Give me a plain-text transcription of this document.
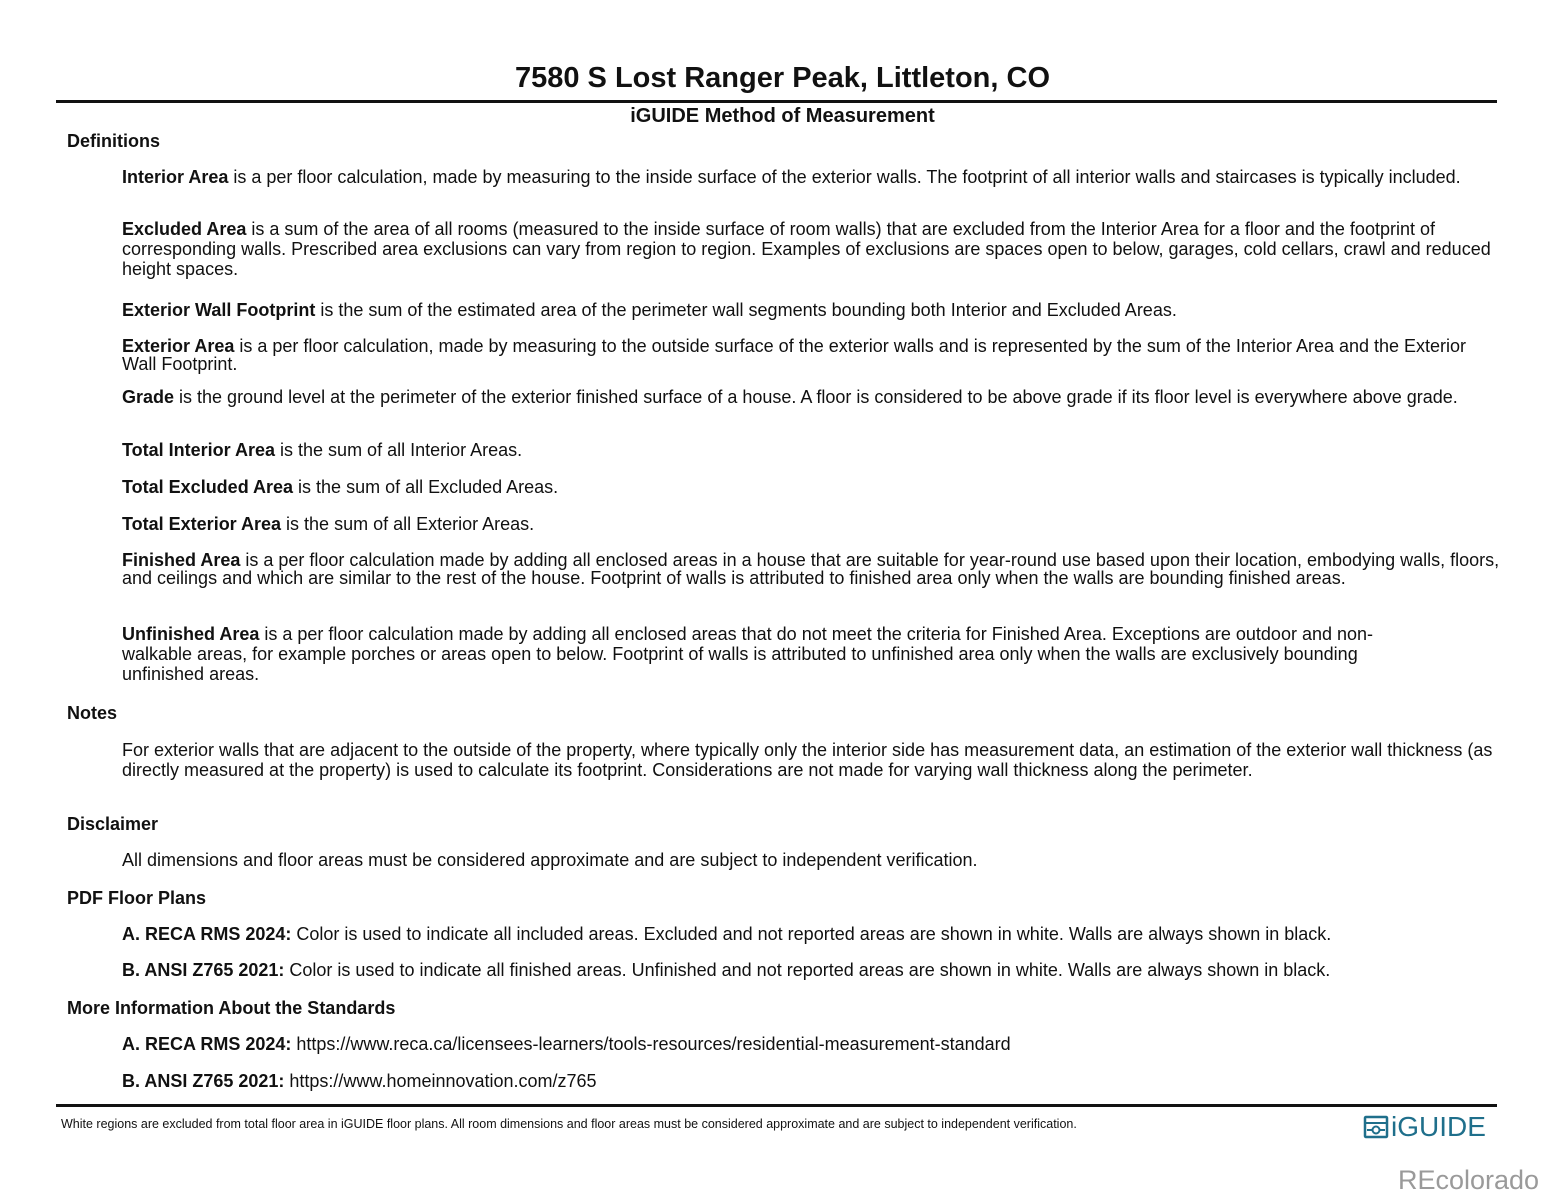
7580 S Lost Ranger Peak, Littleton, CO
iGUIDE Method of Measurement
Definitions
Interior Area is a per floor calculation, made by measuring to the inside surface of the exterior walls. The footprint of all interior walls and staircases is typically included.
Excluded Area is a sum of the area of all rooms (measured to the inside surface of room walls) that are excluded from the Interior Area for a floor and the footprint of corresponding walls. Prescribed area exclusions can vary from region to region. Examples of exclusions are spaces open to below, garages, cold cellars, crawl and reduced height spaces.
Exterior Wall Footprint is the sum of the estimated area of the perimeter wall segments bounding both Interior and Excluded Areas.
Exterior Area is a per floor calculation, made by measuring to the outside surface of the exterior walls and is represented by the sum of the Interior Area and the Exterior Wall Footprint.
Grade is the ground level at the perimeter of the exterior finished surface of a house. A floor is considered to be above grade if its floor level is everywhere above grade.
Total Interior Area is the sum of all Interior Areas.
Total Excluded Area is the sum of all Excluded Areas.
Total Exterior Area is the sum of all Exterior Areas.
Finished Area is a per floor calculation made by adding all enclosed areas in a house that are suitable for year-round use based upon their location, embodying walls, floors, and ceilings and which are similar to the rest of the house. Footprint of walls is attributed to finished area only when the walls are bounding finished areas.
Unfinished Area is a per floor calculation made by adding all enclosed areas that do not meet the criteria for Finished Area. Exceptions are outdoor and non-walkable areas, for example porches or areas open to below. Footprint of walls is attributed to unfinished area only when the walls are exclusively bounding unfinished areas.
Notes
For exterior walls that are adjacent to the outside of the property, where typically only the interior side has measurement data, an estimation of the exterior wall thickness (as directly measured at the property) is used to calculate its footprint. Considerations are not made for varying wall thickness along the perimeter.
Disclaimer
All dimensions and floor areas must be considered approximate and are subject to independent verification.
PDF Floor Plans
A. RECA RMS 2024: Color is used to indicate all included areas. Excluded and not reported areas are shown in white. Walls are always shown in black.
B. ANSI Z765 2021: Color is used to indicate all finished areas. Unfinished and not reported areas are shown in white. Walls are always shown in black.
More Information About the Standards
A. RECA RMS 2024: https://www.reca.ca/licensees-learners/tools-resources/residential-measurement-standard
B. ANSI Z765 2021: https://www.homeinnovation.com/z765
White regions are excluded from total floor area in iGUIDE floor plans. All room dimensions and floor areas must be considered approximate and are subject to independent verification.	iGUIDE
REcolorado
